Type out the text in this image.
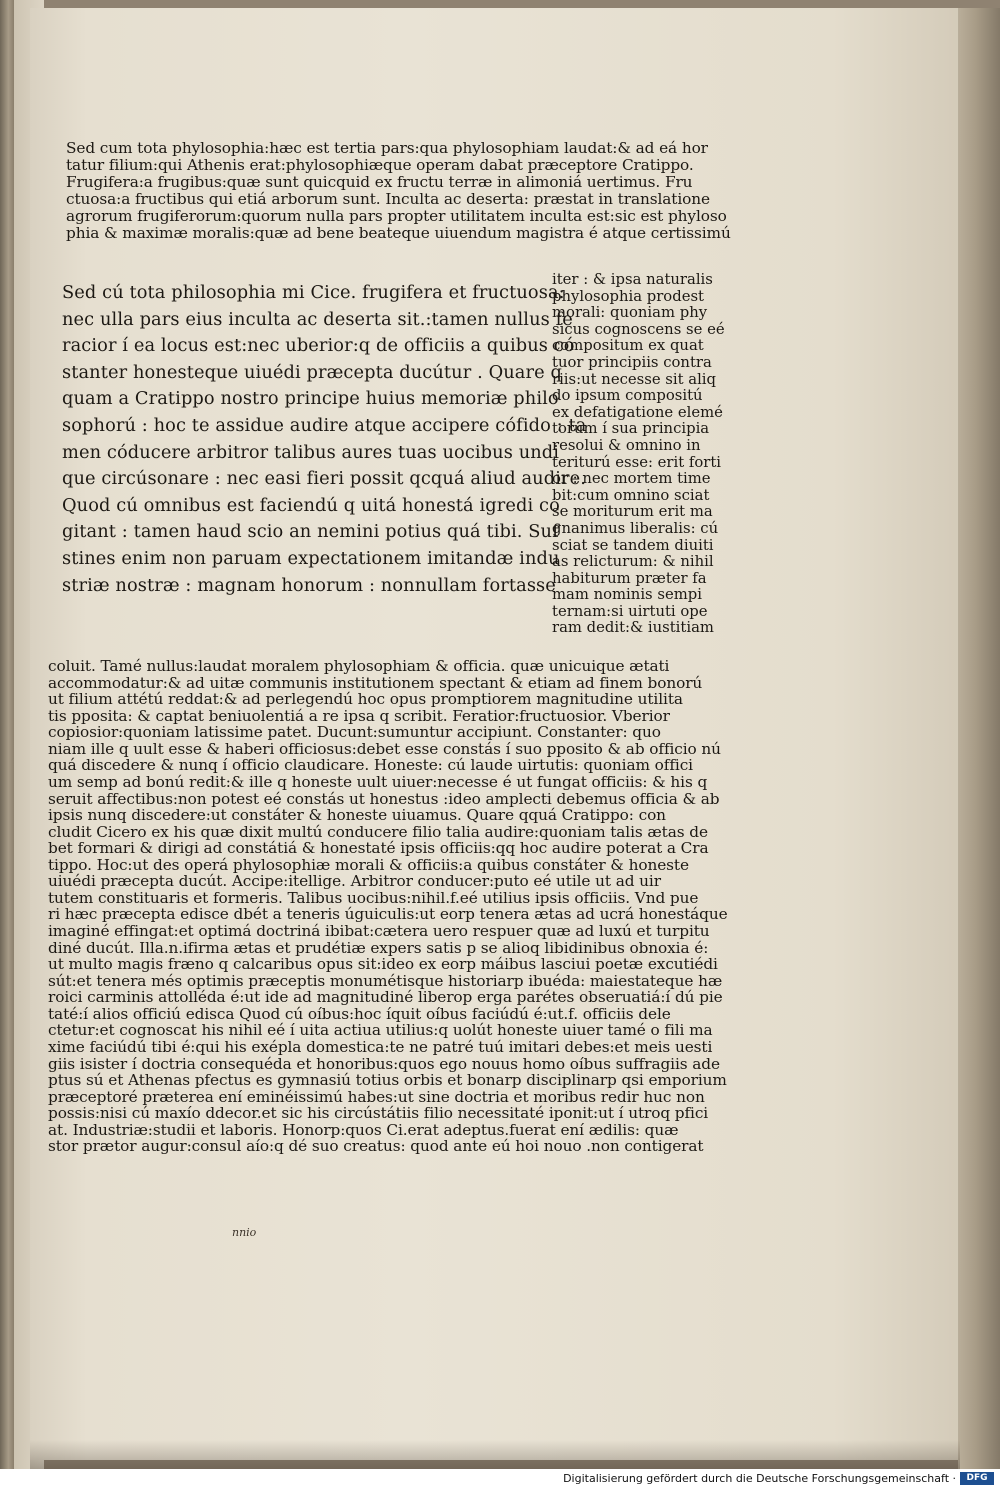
Sed cum tota phylosophia:hæc est tertia pars:qua phylosophiam laudat:& ad eá hor
tatur filium:qui Athenis erat:phylosophiæque operam dabat præceptore Cratippo.
Frugifera:a frugibus:quæ sunt quicquid ex fructu terræ in alimoniá uertimus. Fru
ctuosa:a fructibus qui etiá arborum sunt. Inculta ac deserta: præstat in translatione
agrorum frugiferorum:quorum nulla pars propter utilitatem inculta est:sic est phyloso
phia & maximæ moralis:quæ ad bene beateque uiuendum magistra é atque certissimú
Sed cú tota philosophia mi Cice. frugifera et fructuosa:
nec ulla pars eius inculta ac deserta sit.:tamen nullus fe
racior í ea locus est:nec uberior:q de officiis a quibus có
stanter honesteque uiuédi præcepta ducútur . Quare q
quam a Cratippo nostro principe huius memoriæ philo
sophorú : hoc te assidue audire atque accipere cófido : ta
men códucere arbitror talibus aures tuas uocibus undi
que circúsonare : nec easi fieri possit qcquá aliud audire.
Quod cú omnibus est faciendú q uitá honestá igredi co
gitant : tamen haud scio an nemini potius quá tibi. Suf
stines enim non paruam expectationem imitandæ indu
striæ nostræ : magnam honorum : nonnullam fortasse
iter : & ipsa naturalis
phylosophia prodest
morali: quoniam phy
sicus cognoscens se eé
compositum ex quat
tuor principiis contra
riis:ut necesse sit aliq
do ipsum compositú
ex defatigatione elemé
torum í sua principia
resolui & omnino in
teriturú esse: erit forti
or : nec mortem time
bit:cum omnino sciat
se moriturum erit ma
gnanimus liberalis: cú
sciat se tandem diuiti
as relicturum: & nihil
habiturum præter fa
mam nominis sempi
ternam:si uirtuti ope
ram dedit:& iustitiam
coluit. Tamé nullus:laudat moralem phylosophiam & officia. quæ unicuique ætati
accommodatur:& ad uitæ communis institutionem spectant & etiam ad finem bonorú
ut filium attétú reddat:& ad perlegendú hoc opus promptiorem magnitudine utilita
tis pposita: & captat beniuolentiá a re ipsa q scribit. Feratior:fructuosior. Vberior
copiosior:quoniam latissime patet. Ducunt:sumuntur accipiunt. Constanter: quo
niam ille q uult esse & haberi officiosus:debet esse constás í suo pposito & ab officio nú
quá discedere & nunq í officio claudicare. Honeste: cú laude uirtutis: quoniam offici
um semp ad bonú redit:& ille q honeste uult uiuer:necesse é ut fungat officiis: & his q
seruit affectibus:non potest eé constás ut honestus :ideo amplecti debemus officia & ab
ipsis nunq discedere:ut constáter & honeste uiuamus. Quare qquá Cratippo: con
cludit Cicero ex his quæ dixit multú conducere filio talia audire:quoniam talis ætas de
bet formari & dirigi ad constátiá & honestaté ipsis officiis:qq hoc audire poterat a Cra
tippo. Hoc:ut des operá phylosophiæ morali & officiis:a quibus constáter & honeste
uiuédi præcepta ducút. Accipe:itellige. Arbitror conducer:puto eé utile ut ad uir
tutem constituaris et formeris. Talibus uocibus:nihil.f.eé utilius ipsis officiis. Vnd pue
ri hæc præcepta edisce dbét a teneris úguiculis:ut eorp tenera ætas ad ucrá honestáque
imaginé effingat:et optimá doctriná ibibat:cætera uero respuer quæ ad luxú et turpitu
diné ducút. Illa.n.ifirma ætas et prudétiæ expers satis p se alioq libidinibus obnoxia é:
ut multo magis fræno q calcaribus opus sit:ideo ex eorp máibus lasciui poetæ excutiédi
sút:et tenera més optimis præceptis monumétisque historiarp ibuéda: maiestateque hæ
roici carminis attolléda é:ut ide ad magnitudiné liberop erga parétes obseruatiá:í dú pie
taté:í alios officiú edisca Quod cú oíbus:hoc íquit oíbus faciúdú é:ut.f. officiis dele
ctetur:et cognoscat his nihil eé í uita actiua utilius:q uolút honeste uiuer tamé o fili ma
xime faciúdú tibi é:qui his exépla domestica:te ne patré tuú imitari debes:et meis uesti
giis isister í doctria consequéda et honoribus:quos ego nouus homo oíbus suffragiis ade
ptus sú et Athenas pfectus es gymnasiú totius orbis et bonarp disciplinarp qsi emporium
præceptoré præterea ení eminéissimú habes:ut sine doctria et moribus redir huc non
possis:nisi cú maxío ddecor.et sic his circústátiis filio necessitaté iponit:ut í utroq pfici
at. Industriæ:studii et laboris. Honorp:quos Ci.erat adeptus.fuerat ení ædilis: quæ
stor prætor augur:consul aío:q dé suo creatus: quod ante eú hoi nouo .non contigerat
nnio
Digitalisierung gefördert durch die Deutsche Forschungsgemeinschaft ·	DFG
